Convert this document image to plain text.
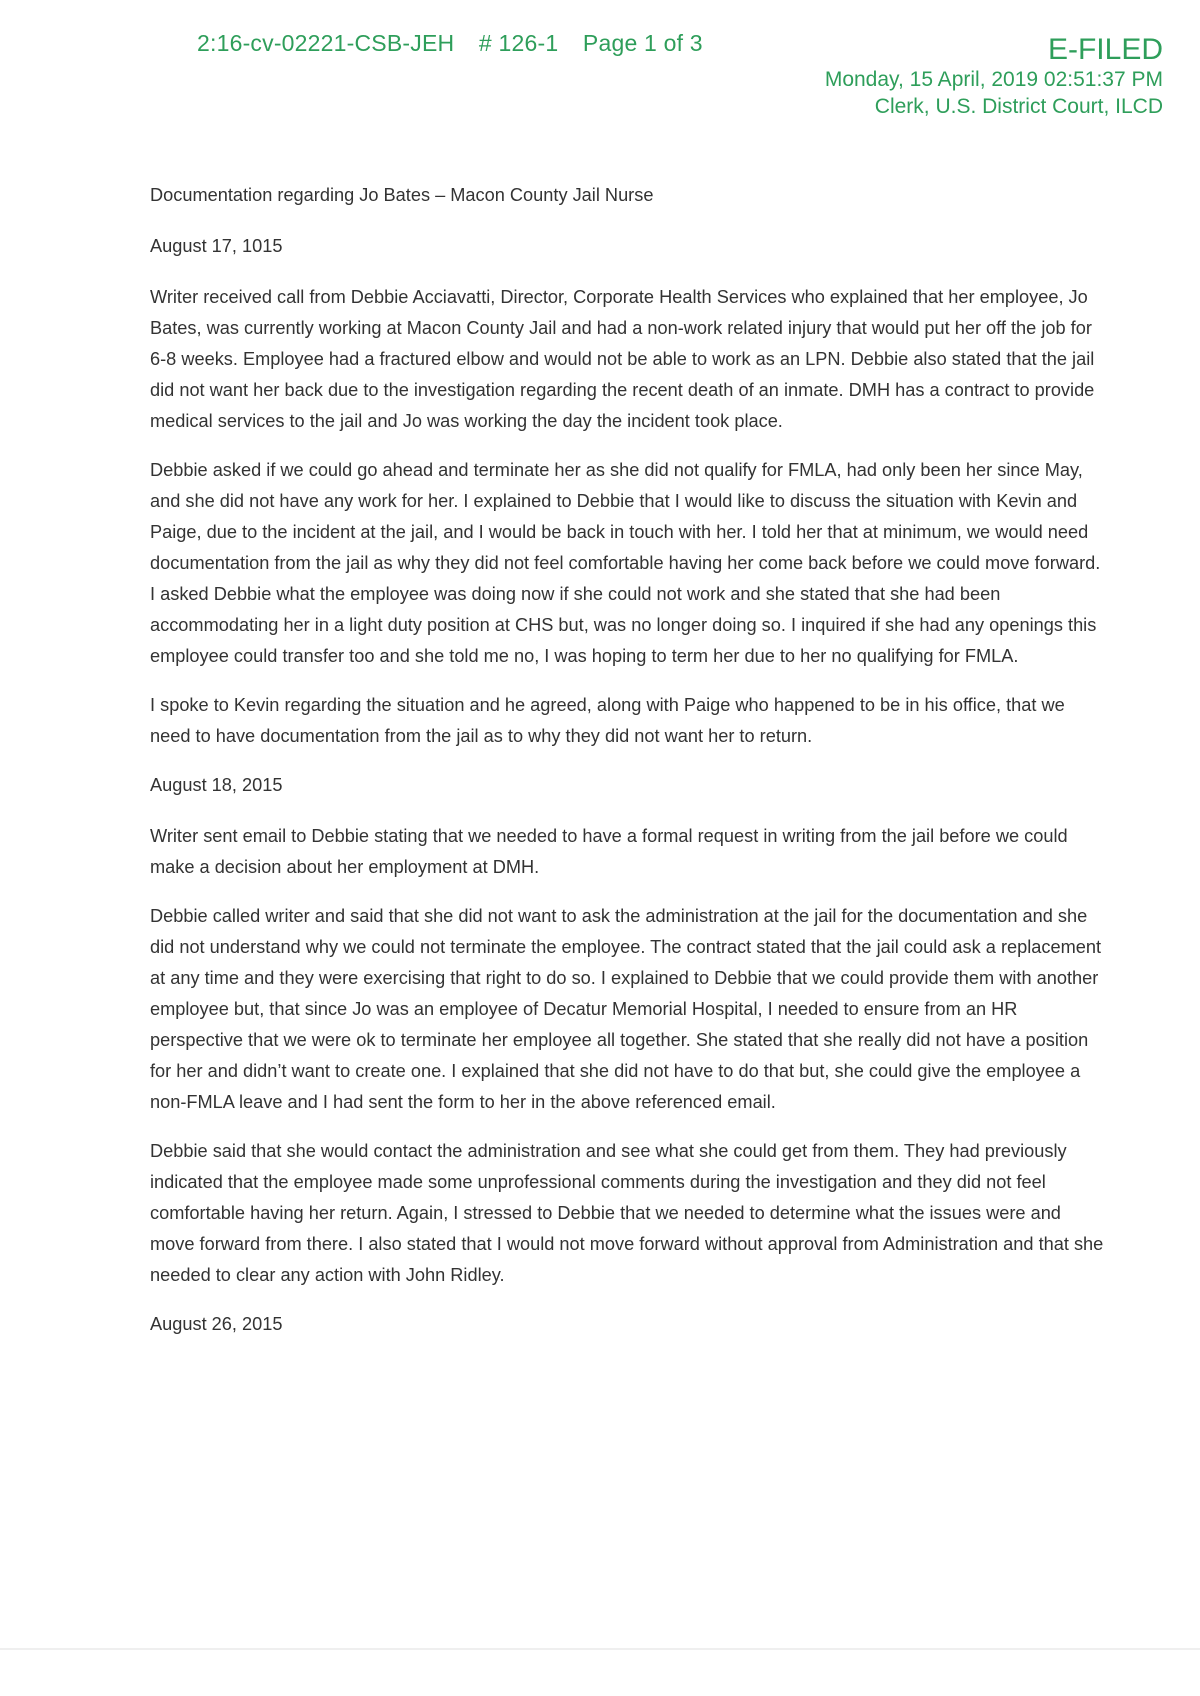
2:16-cv-02221-CSB-JEH # 126-1 Page 1 of 3	E-FILED
Monday, 15 April, 2019 02:51:37 PM
Clerk, U.S. District Court, ILCD

Documentation regarding Jo Bates – Macon County Jail Nurse

August 17, 1015

Writer received call from Debbie Acciavatti, Director, Corporate Health Services who explained that her employee, Jo Bates, was currently working at Macon County Jail and had a non-work related injury that would put her off the job for 6-8 weeks. Employee had a fractured elbow and would not be able to work as an LPN. Debbie also stated that the jail did not want her back due to the investigation regarding the recent death of an inmate. DMH has a contract to provide medical services to the jail and Jo was working the day the incident took place.

Debbie asked if we could go ahead and terminate her as she did not qualify for FMLA, had only been her since May, and she did not have any work for her. I explained to Debbie that I would like to discuss the situation with Kevin and Paige, due to the incident at the jail, and I would be back in touch with her. I told her that at minimum, we would need documentation from the jail as why they did not feel comfortable having her come back before we could move forward. I asked Debbie what the employee was doing now if she could not work and she stated that she had been accommodating her in a light duty position at CHS but, was no longer doing so. I inquired if she had any openings this employee could transfer too and she told me no, I was hoping to term her due to her no qualifying for FMLA.

I spoke to Kevin regarding the situation and he agreed, along with Paige who happened to be in his office, that we need to have documentation from the jail as to why they did not want her to return.

August 18, 2015

Writer sent email to Debbie stating that we needed to have a formal request in writing from the jail before we could make a decision about her employment at DMH.

Debbie called writer and said that she did not want to ask the administration at the jail for the documentation and she did not understand why we could not terminate the employee. The contract stated that the jail could ask a replacement at any time and they were exercising that right to do so. I explained to Debbie that we could provide them with another employee but, that since Jo was an employee of Decatur Memorial Hospital, I needed to ensure from an HR perspective that we were ok to terminate her employee all together. She stated that she really did not have a position for her and didn’t want to create one. I explained that she did not have to do that but, she could give the employee a non-FMLA leave and I had sent the form to her in the above referenced email.

Debbie said that she would contact the administration and see what she could get from them. They had previously indicated that the employee made some unprofessional comments during the investigation and they did not feel comfortable having her return. Again, I stressed to Debbie that we needed to determine what the issues were and move forward from there. I also stated that I would not move forward without approval from Administration and that she needed to clear any action with John Ridley.

August 26, 2015
